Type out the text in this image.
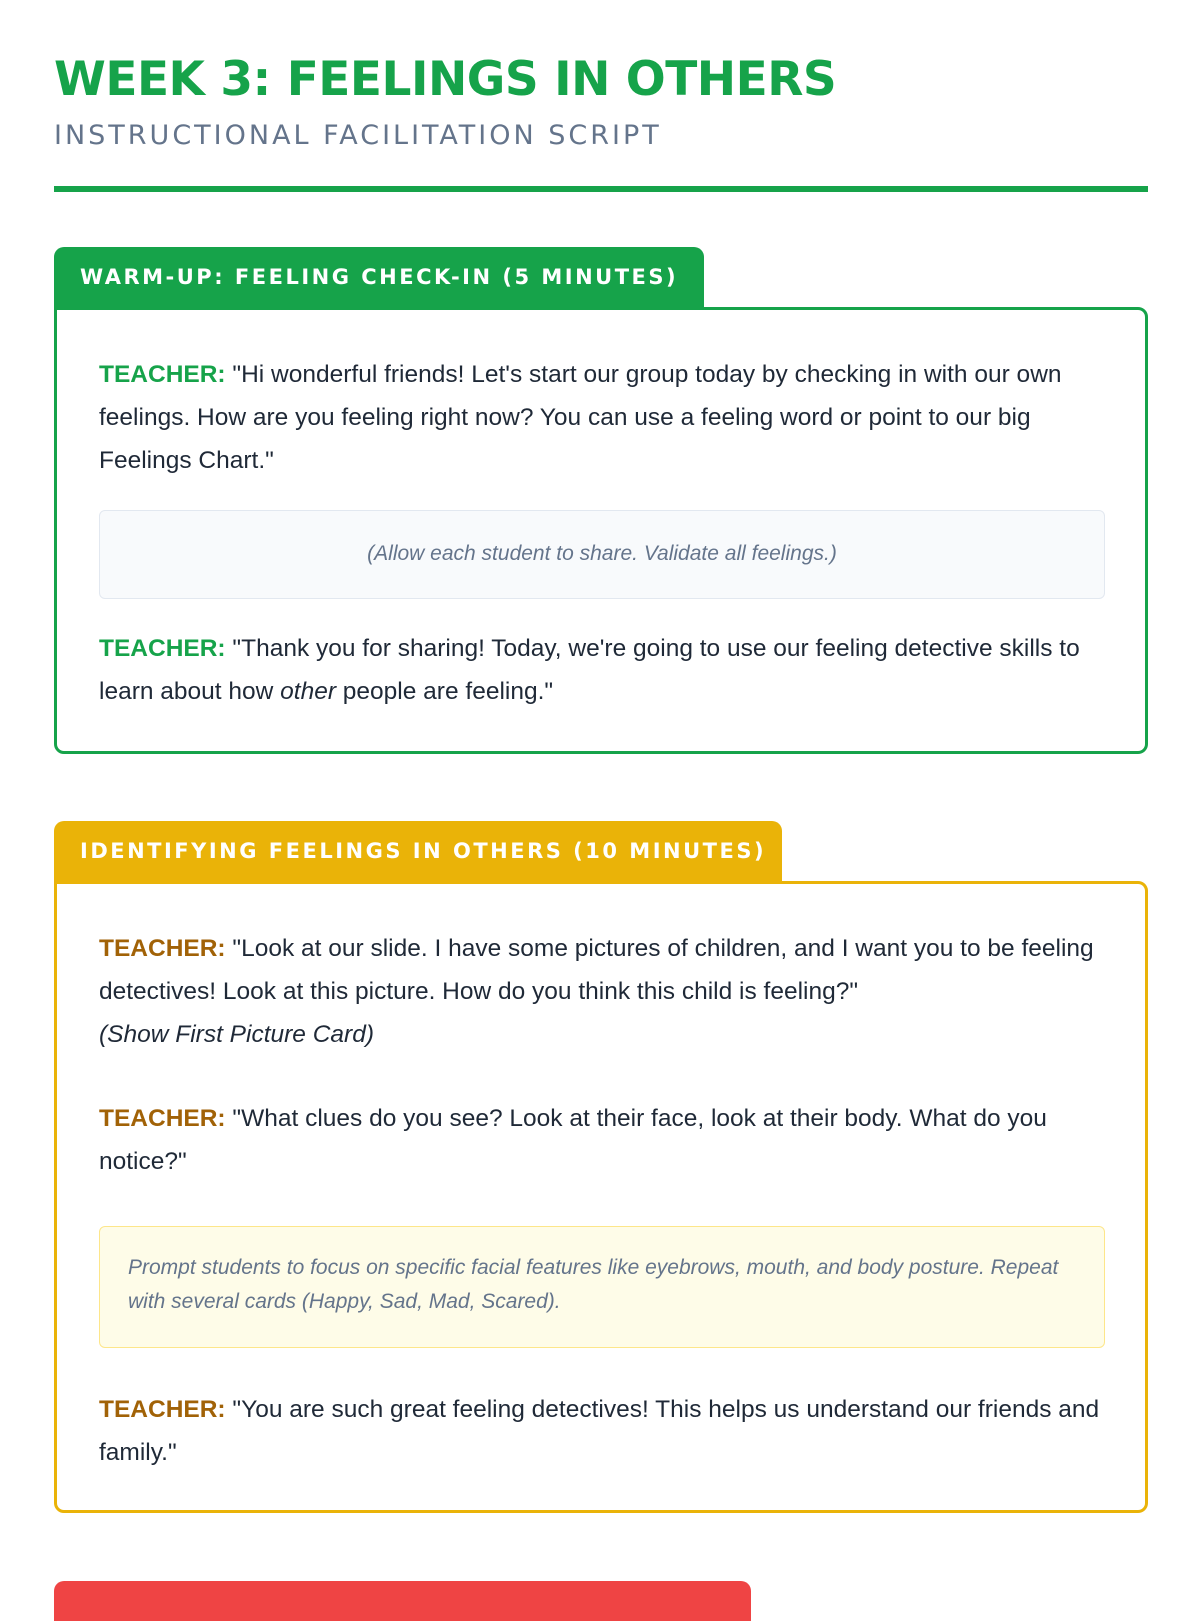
WEEK 3: FEELINGS IN OTHERS
INSTRUCTIONAL FACILITATION SCRIPT
WARM-UP: FEELING CHECK-IN (5 MINUTES)

TEACHER: "Hi wonderful friends! Let's start our group today by checking in with our own feelings. How are you feeling right now? You can use a feeling word or point to our big Feelings Chart."

(Allow each student to share. Validate all feelings.)

TEACHER: "Thank you for sharing! Today, we're going to use our feeling detective skills to learn about how other people are feeling."

IDENTIFYING FEELINGS IN OTHERS (10 MINUTES)

TEACHER: "Look at our slide. I have some pictures of children, and I want you to be feeling detectives! Look at this picture. How do you think this child is feeling?"
(Show First Picture Card)

TEACHER: "What clues do you see? Look at their face, look at their body. What do you notice?"

Prompt students to focus on specific facial features like eyebrows, mouth, and body posture. Repeat with several cards (Happy, Sad, Mad, Scared).

TEACHER: "You are such great feeling detectives! This helps us understand our friends and family."
